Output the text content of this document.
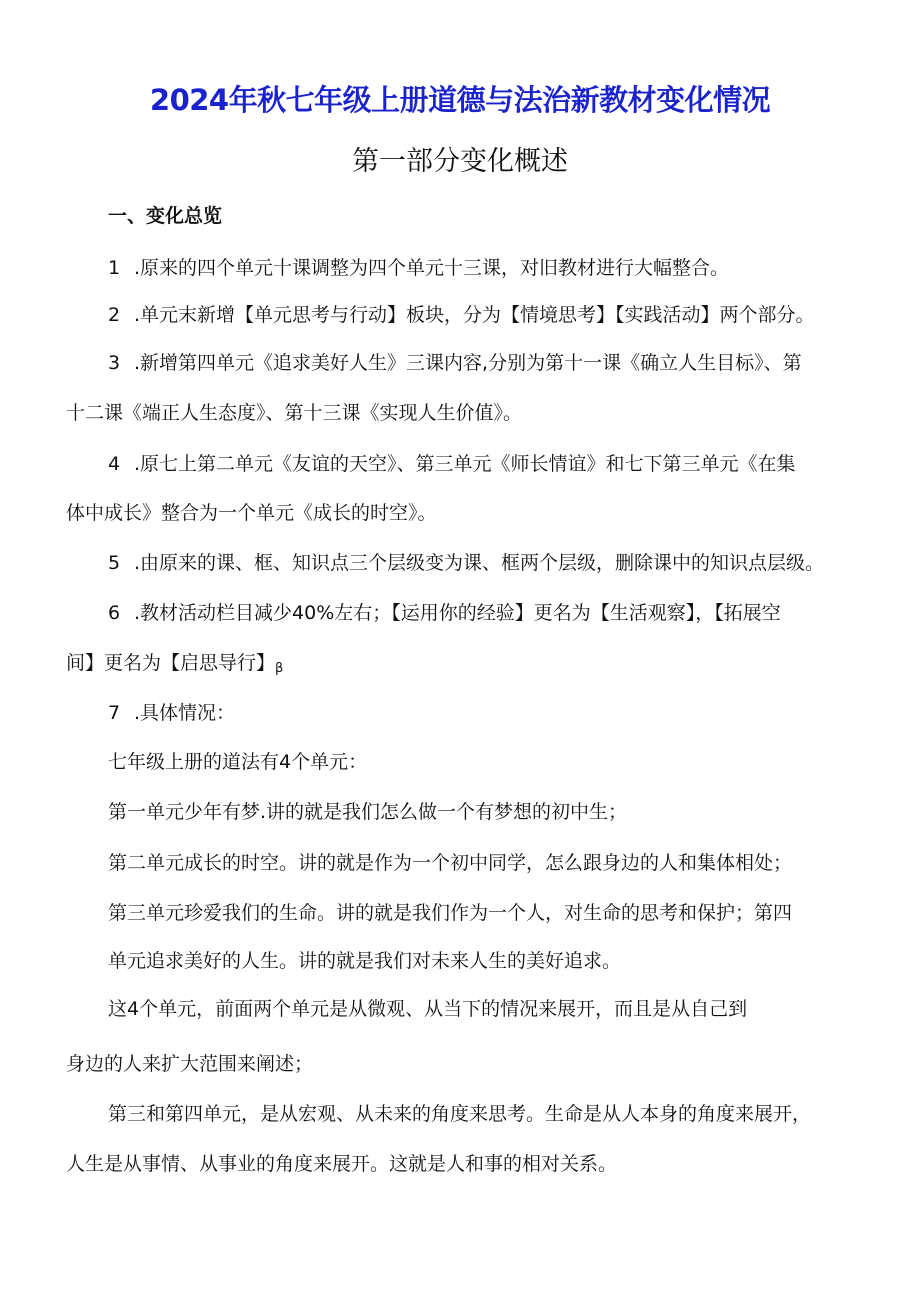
2024年秋七年级上册道德与法治新教材变化情况
第一部分变化概述
一、变化总览
1 .原来的四个单元十课调整为四个单元十三课，对旧教材进行大幅整合。
2 .单元末新增【单元思考与行动】板块，分为【情境思考】【实践活动】两个部分。
3 .新增第四单元《追求美好人生》三课内容,分别为第十一课《确立人生目标》、第
十二课《端正人生态度》、第十三课《实现人生价值》。
4 .原七上第二单元《友谊的天空》、第三单元《师长情谊》和七下第三单元《在集
体中成长》整合为一个单元《成长的时空》。
5 .由原来的课、框、知识点三个层级变为课、框两个层级，删除课中的知识点层级。
6 .教材活动栏目减少40%左右；【运用你的经验】更名为【生活观察】，【拓展空
间】更名为【启思导行】β
7 .具体情况：
七年级上册的道法有4个单元：
第一单元少年有梦.讲的就是我们怎么做一个有梦想的初中生；
第二单元成长的时空。讲的就是作为一个初中同学，怎么跟身边的人和集体相处；
第三单元珍爱我们的生命。讲的就是我们作为一个人，对生命的思考和保护；第四
单元追求美好的人生。讲的就是我们对未来人生的美好追求。
这4个单元，前面两个单元是从微观、从当下的情况来展开，而且是从自己到
身边的人来扩大范围来阐述；
第三和第四单元，是从宏观、从未来的角度来思考。生命是从人本身的角度来展开，
人生是从事情、从事业的角度来展开。这就是人和事的相对关系。
